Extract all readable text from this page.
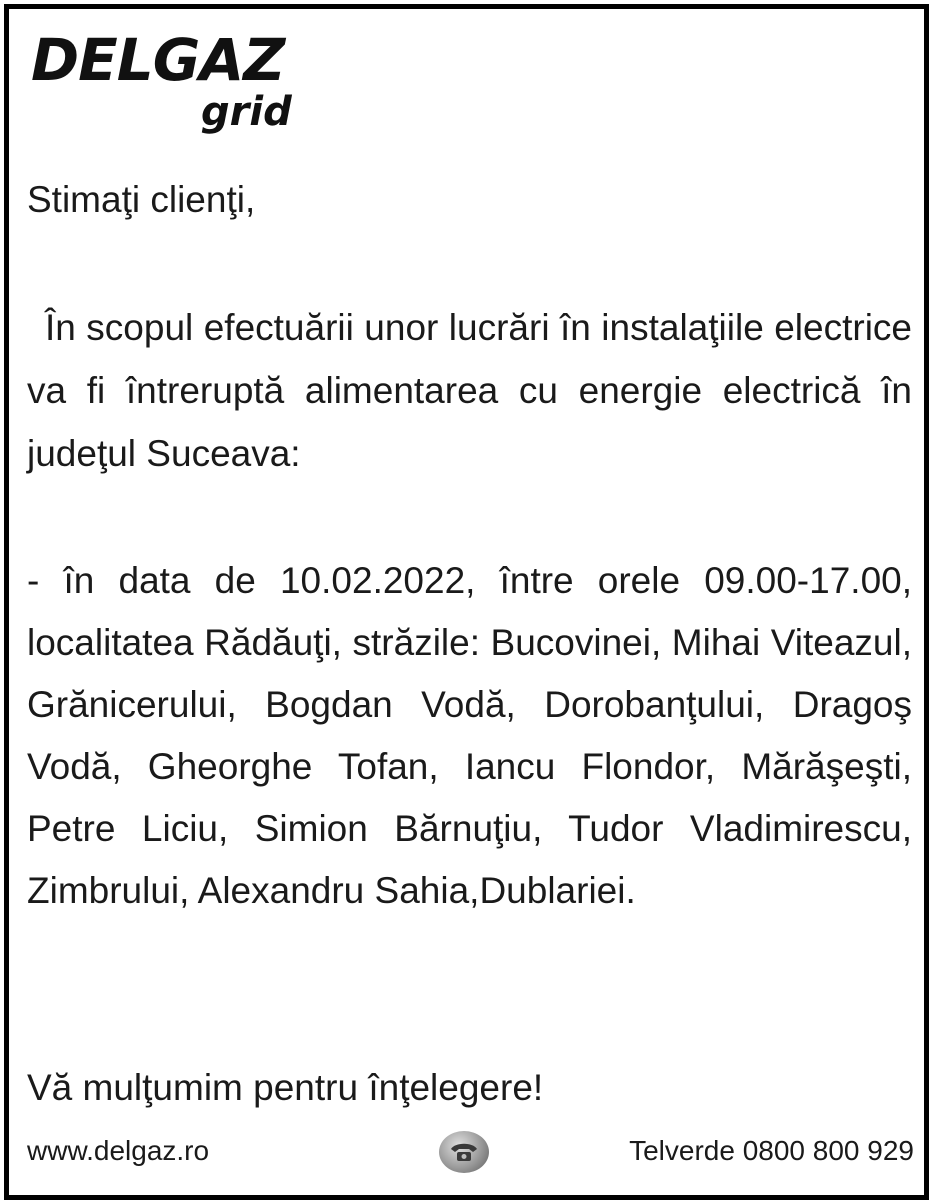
DELGAZ
grid
Stimaţi clienţi,
În scopul efectuării unor lucrări în instalaţiile electrice va fi întreruptă alimentarea cu energie electrică în judeţul Suceava:
- în data de 10.02.2022, între orele 09.00-17.00, localitatea Rădăuţi, străzile: Bucovinei, Mihai Viteazul, Grănicerului, Bogdan Vodă, Dorobanţului, Dragoş Vodă, Gheorghe Tofan, Iancu Flondor, Mărăşeşti, Petre Liciu, Simion Bărnuţiu, Tudor Vladimirescu, Zimbrului, Alexandru Sahia,Dublariei.
Vă mulţumim pentru înţelegere!
www.delgaz.ro	Telverde 0800 800 929
